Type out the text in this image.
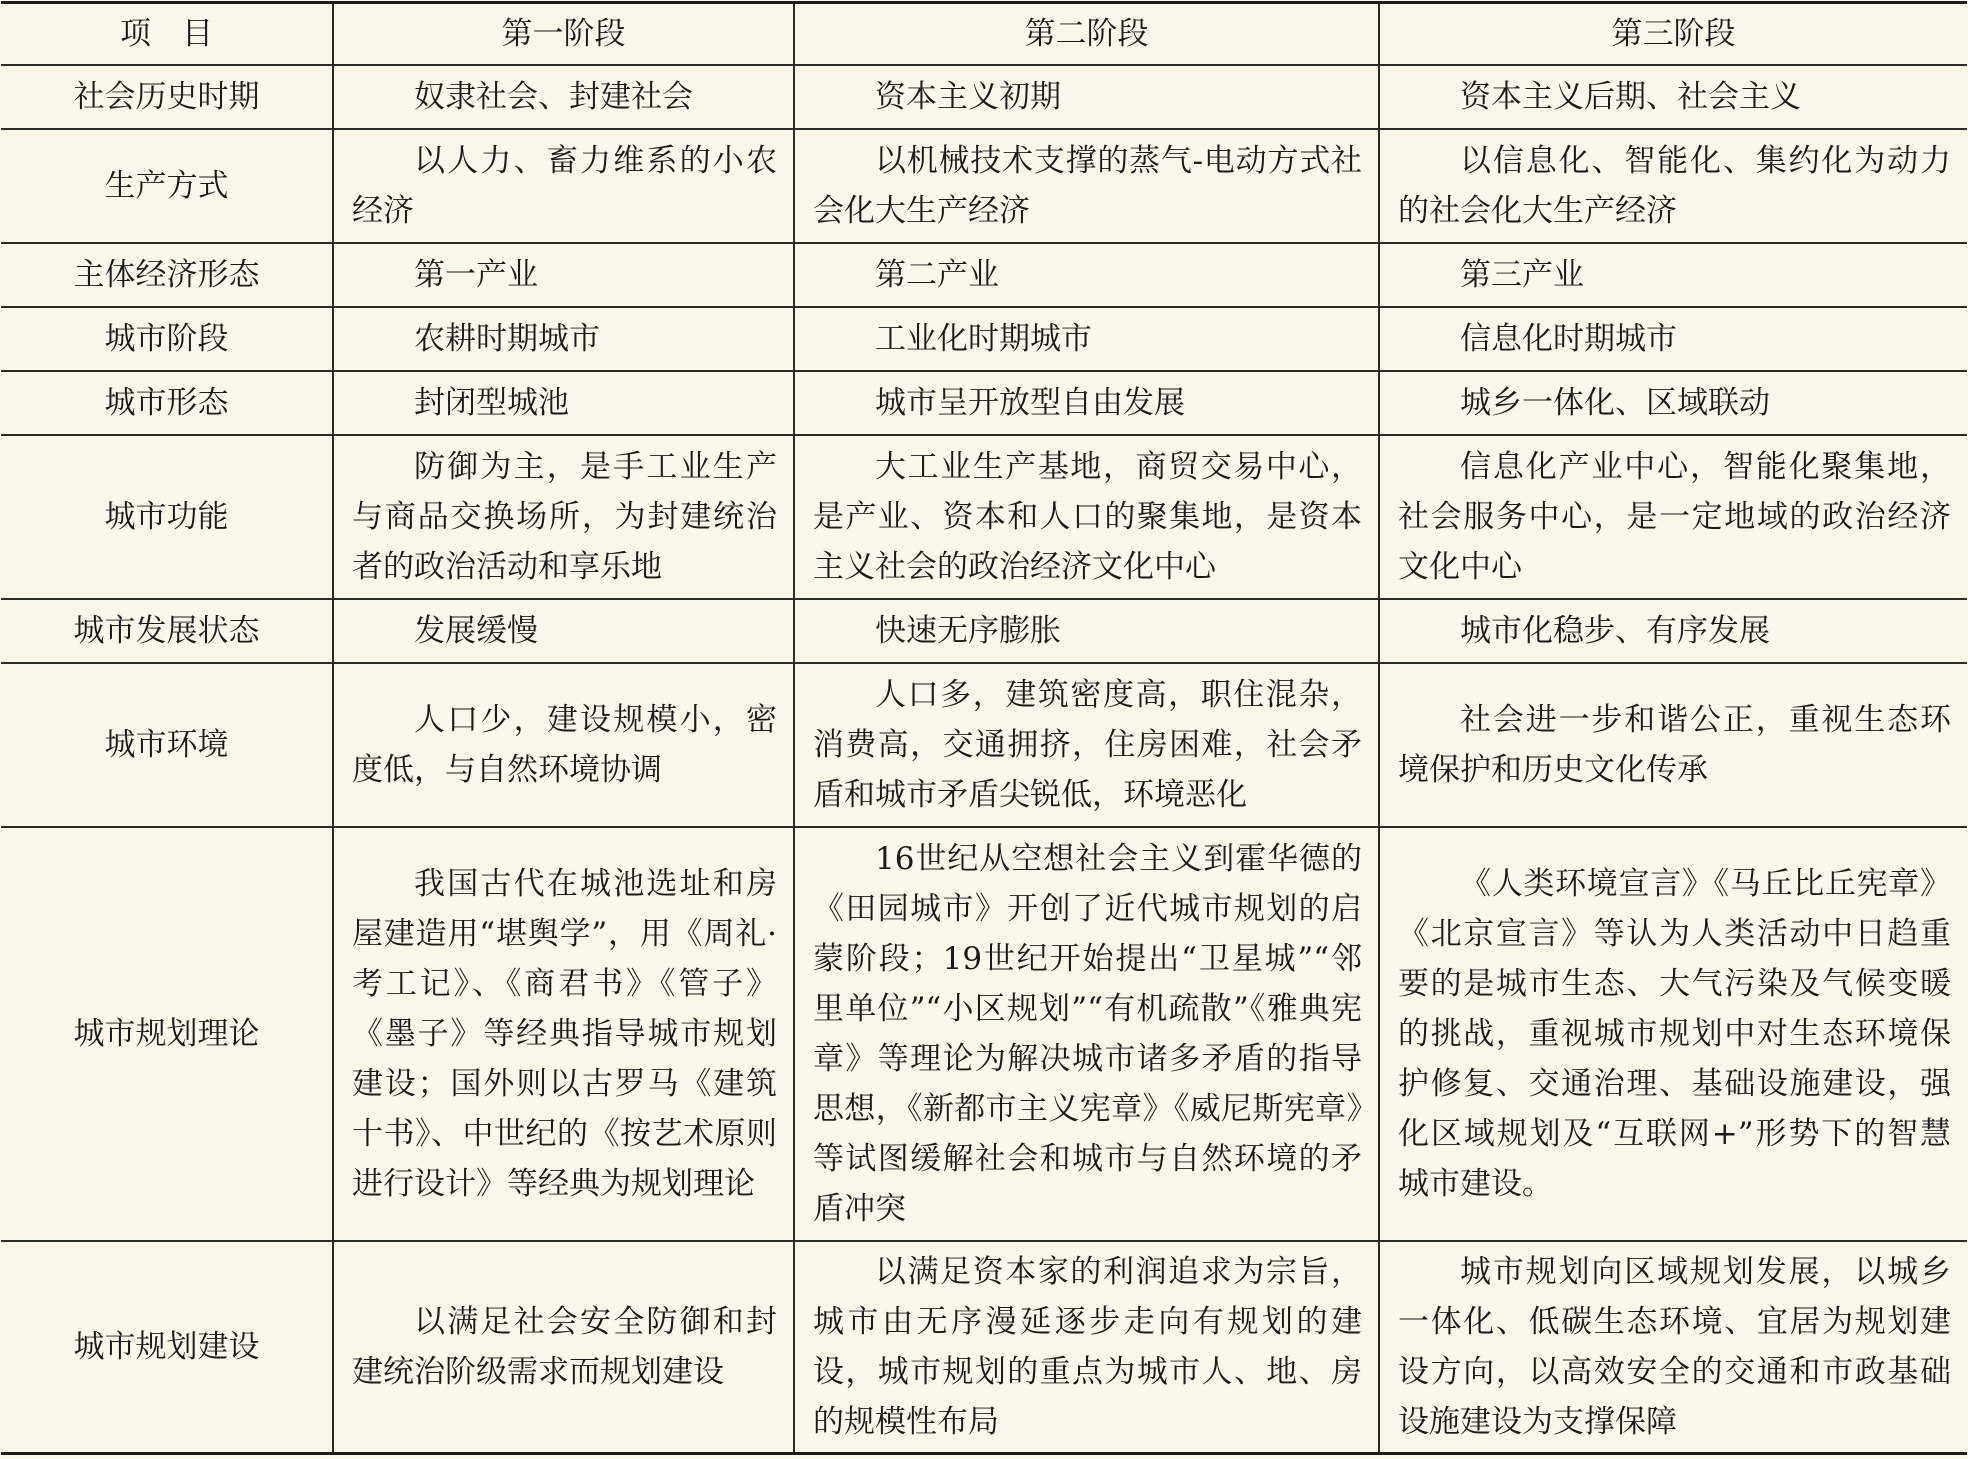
项　目	第一阶段	第二阶段	第三阶段
社会历史时期	奴隶社会、封建社会	资本主义初期	资本主义后期、社会主义
生产方式	以人力、畜力维系的小农经济	以机械技术支撑的蒸气-电动方式社会化大生产经济	以信息化、智能化、集约化为动力的社会化大生产经济
主体经济形态	第一产业	第二产业	第三产业
城市阶段	农耕时期城市	工业化时期城市	信息化时期城市
城市形态	封闭型城池	城市呈开放型自由发展	城乡一体化、区域联动
城市功能	防御为主，是手工业生产与商品交换场所，为封建统治者的政治活动和享乐地	大工业生产基地，商贸交易中心，是产业、资本和人口的聚集地，是资本主义社会的政治经济文化中心	信息化产业中心，智能化聚集地，社会服务中心，是一定地域的政治经济文化中心
城市发展状态	发展缓慢	快速无序膨胀	城市化稳步、有序发展
城市环境	人口少，建设规模小，密度低，与自然环境协调	人口多，建筑密度高，职住混杂，消费高，交通拥挤，住房困难，社会矛盾和城市矛盾尖锐低，环境恶化	社会进一步和谐公正，重视生态环境保护和历史文化传承
城市规划理论	我国古代在城池选址和房屋建造用“堪舆学”，用《周礼·考工记》、《商君书》《管子》《墨子》等经典指导城市规划建设；国外则以古罗马《建筑十书》、中世纪的《按艺术原则进行设计》等经典为规划理论	16世纪从空想社会主义到霍华德的《田园城市》开创了近代城市规划的启蒙阶段；19世纪开始提出“卫星城”“邻里单位”“小区规划”“有机疏散”《雅典宪章》等理论为解决城市诸多矛盾的指导思想，《新都市主义宪章》《威尼斯宪章》等试图缓解社会和城市与自然环境的矛盾冲突	《人类环境宣言》《马丘比丘宪章》《北京宣言》等认为人类活动中日趋重要的是城市生态、大气污染及气候变暖的挑战，重视城市规划中对生态环境保护修复、交通治理、基础设施建设，强化区域规划及“互联网+”形势下的智慧城市建设。
城市规划建设	以满足社会安全防御和封建统治阶级需求而规划建设	以满足资本家的利润追求为宗旨，城市由无序漫延逐步走向有规划的建设，城市规划的重点为城市人、地、房的规模性布局	城市规划向区域规划发展，以城乡一体化、低碳生态环境、宜居为规划建设方向，以高效安全的交通和市政基础设施建设为支撑保障
